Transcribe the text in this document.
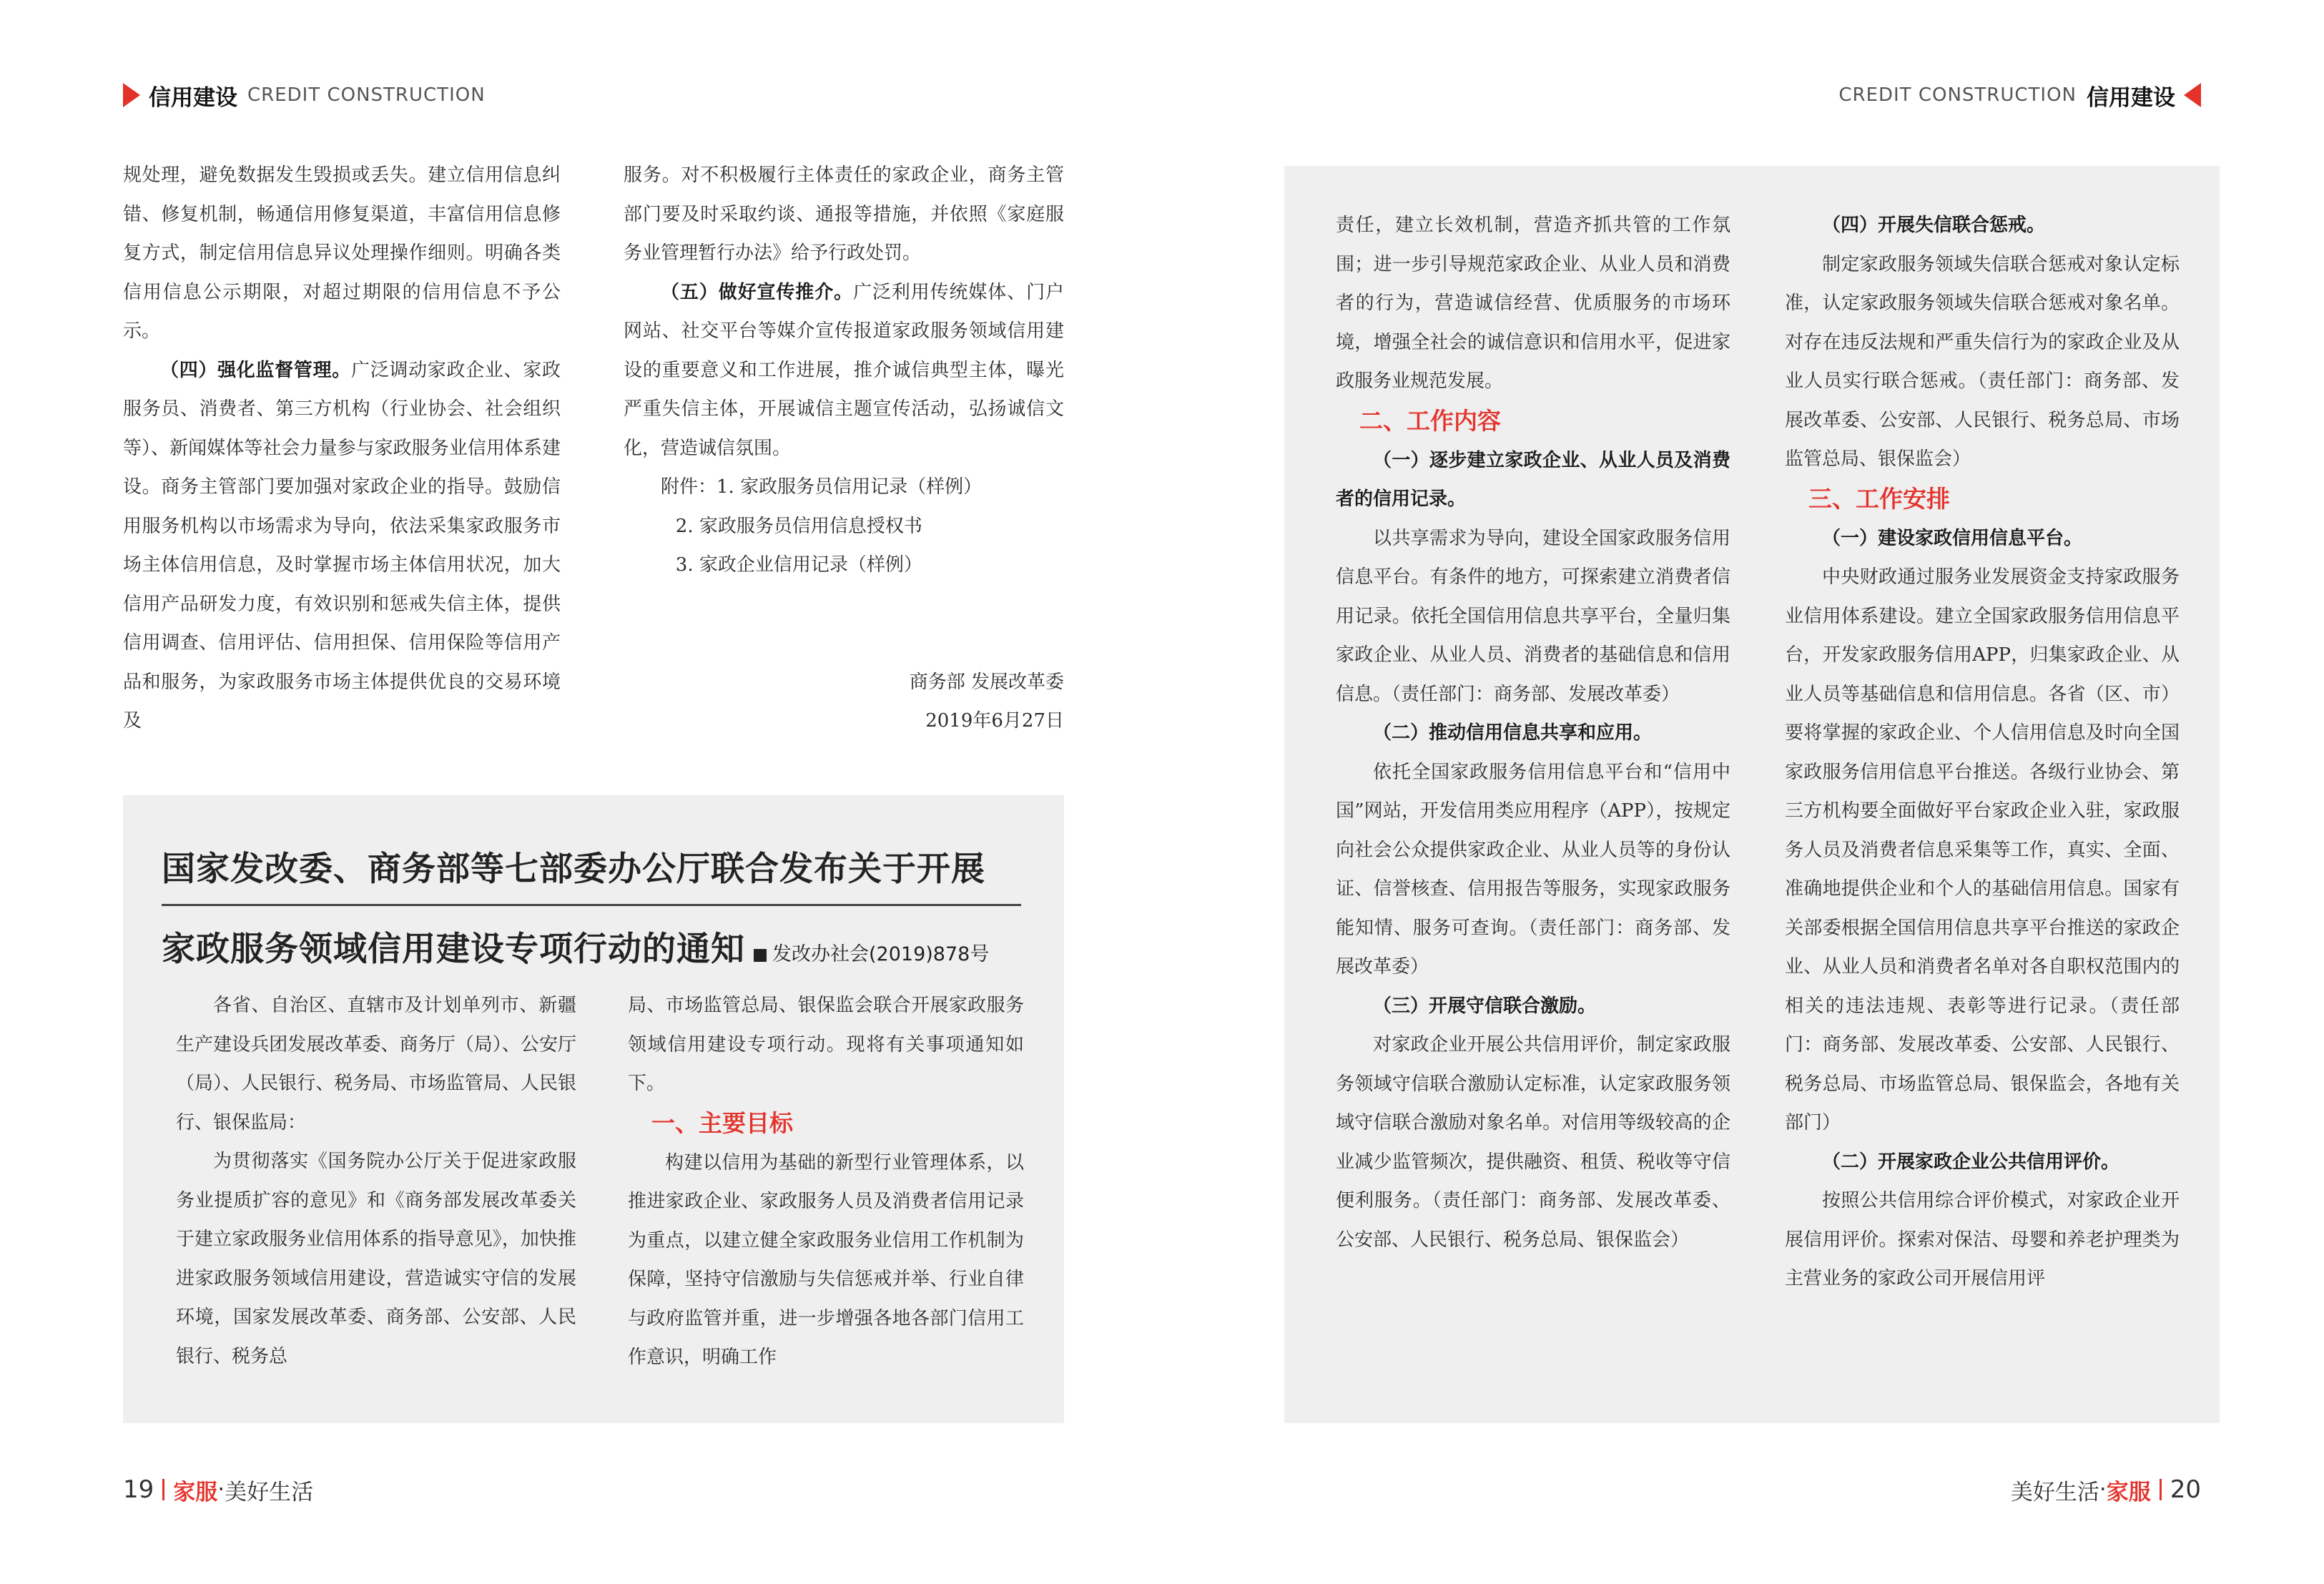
信用建设 CREDIT CONSTRUCTION	CREDIT CONSTRUCTION 信用建设

规处理，避免数据发生毁损或丢失。建立信用信息纠错、修复机制，畅通信用修复渠道，丰富信用信息修复方式，制定信用信息异议处理操作细则。明确各类信用信息公示期限，对超过期限的信用信息不予公示。

（四）强化监督管理。广泛调动家政企业、家政服务员、消费者、第三方机构（行业协会、社会组织等）、新闻媒体等社会力量参与家政服务业信用体系建设。商务主管部门要加强对家政企业的指导。鼓励信用服务机构以市场需求为导向，依法采集家政服务市场主体信用信息，及时掌握市场主体信用状况，加大信用产品研发力度，有效识别和惩戒失信主体，提供信用调查、信用评估、信用担保、信用保险等信用产品和服务，为家政服务市场主体提供优良的交易环境及

服务。对不积极履行主体责任的家政企业，商务主管部门要及时采取约谈、通报等措施，并依照《家庭服务业管理暂行办法》给予行政处罚。

（五）做好宣传推介。广泛利用传统媒体、门户网站、社交平台等媒介宣传报道家政服务领域信用建设的重要意义和工作进展，推介诚信典型主体，曝光严重失信主体，开展诚信主题宣传活动，弘扬诚信文化，营造诚信氛围。

附件：1. 家政服务员信用记录（样例）

2. 家政服务员信用信息授权书

3. 家政企业信用记录（样例）

商务部 发展改革委

2019年6月27日

国家发改委、商务部等七部委办公厅联合发布关于开展
家政服务领域信用建设专项行动的通知 发改办社会(2019)878号

各省、自治区、直辖市及计划单列市、新疆生产建设兵团发展改革委、商务厅（局）、公安厅（局）、人民银行、税务局、市场监管局、人民银行、银保监局：

为贯彻落实《国务院办公厅关于促进家政服务业提质扩容的意见》和《商务部发展改革委关于建立家政服务业信用体系的指导意见》，加快推进家政服务领域信用建设，营造诚实守信的发展环境，国家发展改革委、商务部、公安部、人民银行、税务总

局、市场监管总局、银保监会联合开展家政服务领域信用建设专项行动。现将有关事项通知如下。

一、主要目标

构建以信用为基础的新型行业管理体系，以推进家政企业、家政服务人员及消费者信用记录为重点，以建立健全家政服务业信用工作机制为保障，坚持守信激励与失信惩戒并举、行业自律与政府监管并重，进一步增强各地各部门信用工作意识，明确工作

责任，建立长效机制，营造齐抓共管的工作氛围；进一步引导规范家政企业、从业人员和消费者的行为，营造诚信经营、优质服务的市场环境，增强全社会的诚信意识和信用水平，促进家政服务业规范发展。

二、工作内容

（一）逐步建立家政企业、从业人员及消费者的信用记录。

以共享需求为导向，建设全国家政服务信用信息平台。有条件的地方，可探索建立消费者信用记录。依托全国信用信息共享平台，全量归集家政企业、从业人员、消费者的基础信息和信用信息。（责任部门：商务部、发展改革委）

（二）推动信用信息共享和应用。

依托全国家政服务信用信息平台和“信用中国”网站，开发信用类应用程序（APP），按规定向社会公众提供家政企业、从业人员等的身份认证、信誉核查、信用报告等服务，实现家政服务能知情、服务可查询。（责任部门：商务部、发展改革委）

（三）开展守信联合激励。

对家政企业开展公共信用评价，制定家政服务领域守信联合激励认定标准，认定家政服务领域守信联合激励对象名单。对信用等级较高的企业减少监管频次，提供融资、租赁、税收等守信便利服务。（责任部门：商务部、发展改革委、公安部、人民银行、税务总局、银保监会）

（四）开展失信联合惩戒。

制定家政服务领域失信联合惩戒对象认定标准，认定家政服务领域失信联合惩戒对象名单。对存在违反法规和严重失信行为的家政企业及从业人员实行联合惩戒。（责任部门：商务部、发展改革委、公安部、人民银行、税务总局、市场监管总局、银保监会）

三、工作安排

（一）建设家政信用信息平台。

中央财政通过服务业发展资金支持家政服务业信用体系建设。建立全国家政服务信用信息平台，开发家政服务信用APP，归集家政企业、从业人员等基础信息和信用信息。各省（区、市）要将掌握的家政企业、个人信用信息及时向全国家政服务信用信息平台推送。各级行业协会、第三方机构要全面做好平台家政企业入驻，家政服务人员及消费者信息采集等工作，真实、全面、准确地提供企业和个人的基础信用信息。国家有关部委根据全国信用信息共享平台推送的家政企业、从业人员和消费者名单对各自职权范围内的相关的违法违规、表彰等进行记录。（责任部门：商务部、发展改革委、公安部、人民银行、税务总局、市场监管总局、银保监会，各地有关部门）

（二）开展家政企业公共信用评价。

按照公共信用综合评价模式，对家政企业开展信用评价。探索对保洁、母婴和养老护理类为主营业务的家政公司开展信用评

19 家服 · 美好生活	美好生活 · 家服 20
